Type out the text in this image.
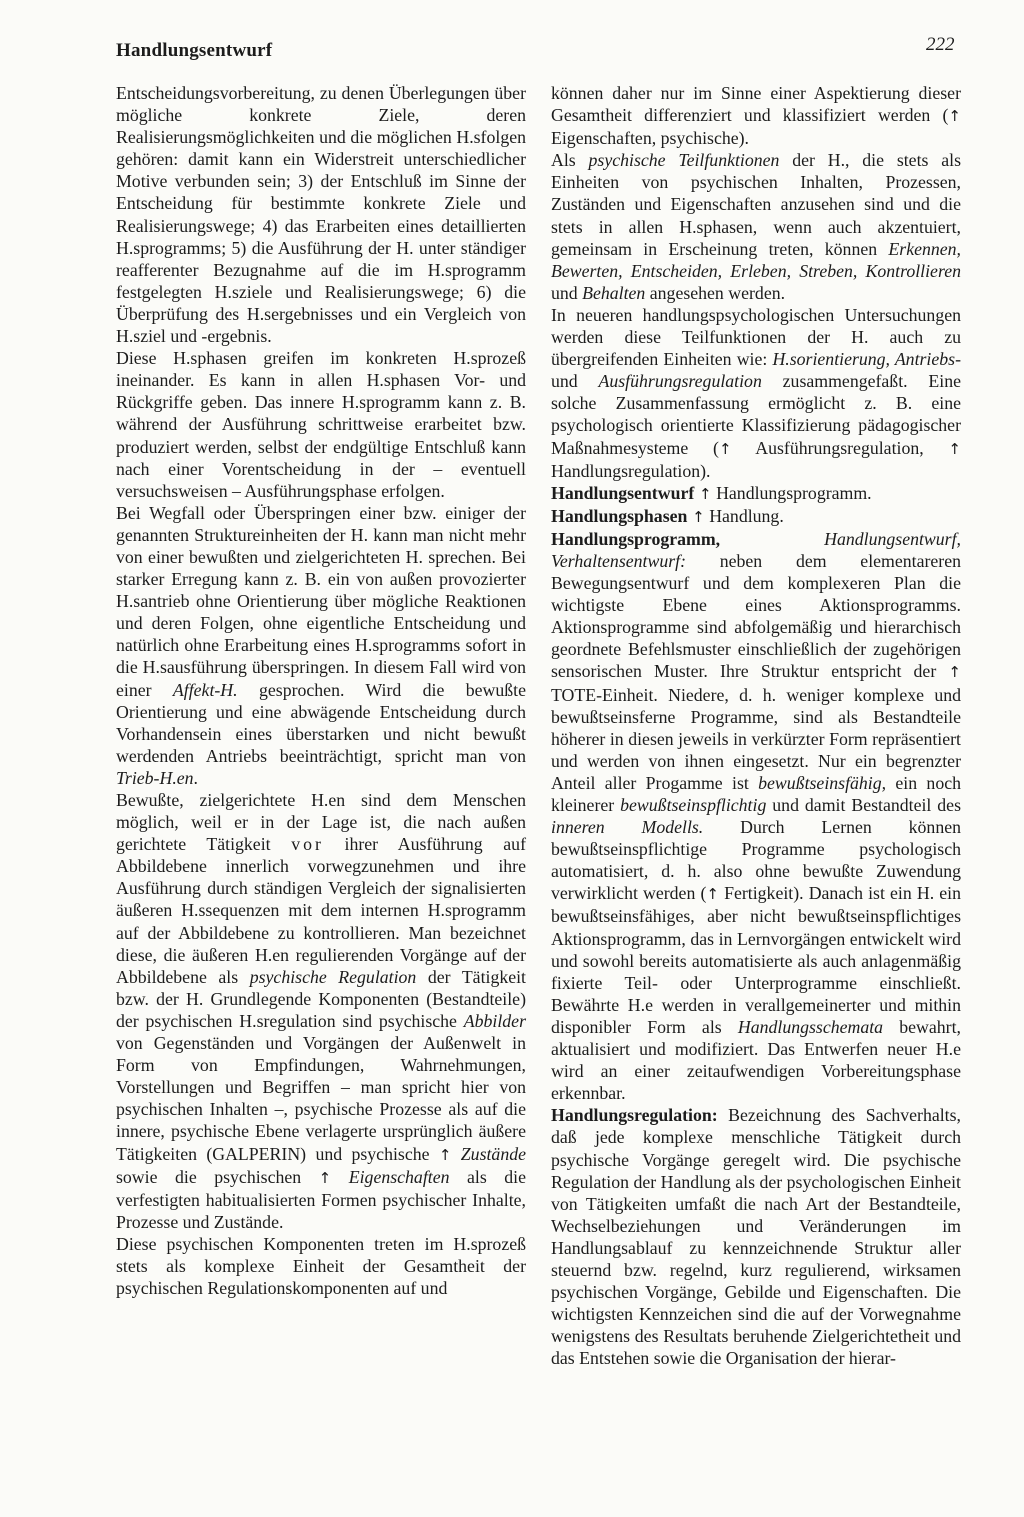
Handlungsentwurf	222

Entscheidungsvorbereitung, zu denen Überlegungen über mögliche konkrete Ziele, deren Realisierungsmöglichkeiten und die möglichen H.sfolgen gehören: damit kann ein Widerstreit unterschiedlicher Motive verbunden sein; 3) der Entschluß im Sinne der Entscheidung für bestimmte konkrete Ziele und Realisierungswege; 4) das Erarbeiten eines detaillierten H.sprogramms; 5) die Ausführung der H. unter ständiger reafferenter Bezugnahme auf die im H.sprogramm festgelegten H.sziele und Realisierungswege; 6) die Überprüfung des H.sergebnisses und ein Vergleich von H.sziel und -ergebnis.

Diese H.sphasen greifen im konkreten H.sprozeß ineinander. Es kann in allen H.sphasen Vor- und Rückgriffe geben. Das innere H.sprogramm kann z. B. während der Ausführung schrittweise erarbeitet bzw. produziert werden, selbst der endgültige Entschluß kann nach einer Vorentscheidung in der – eventuell versuchsweisen – Ausführungsphase erfolgen.

Bei Wegfall oder Überspringen einer bzw. einiger der genannten Struktureinheiten der H. kann man nicht mehr von einer bewußten und zielgerichteten H. sprechen. Bei starker Erregung kann z. B. ein von außen provozierter H.santrieb ohne Orientierung über mögliche Reaktionen und deren Folgen, ohne eigentliche Entscheidung und natürlich ohne Erarbeitung eines H.sprogramms sofort in die H.sausführung überspringen. In diesem Fall wird von einer Affekt-H. gesprochen. Wird die bewußte Orientierung und eine abwägende Entscheidung durch Vorhandensein eines überstarken und nicht bewußt werdenden Antriebs beeinträchtigt, spricht man von Trieb-H.en.

Bewußte, zielgerichtete H.en sind dem Menschen möglich, weil er in der Lage ist, die nach außen gerichtete Tätigkeit vor ihrer Ausführung auf Abbildebene innerlich vorwegzunehmen und ihre Ausführung durch ständigen Vergleich der signalisierten äußeren H.ssequenzen mit dem internen H.sprogramm auf der Abbildebene zu kontrollieren. Man bezeichnet diese, die äußeren H.en regulierenden Vorgänge auf der Abbildebene als psychische Regulation der Tätigkeit bzw. der H. Grundlegende Komponenten (Bestandteile) der psychischen H.sregulation sind psychische Abbilder von Gegenständen und Vorgängen der Außenwelt in Form von Empfindungen, Wahrnehmungen, Vorstellungen und Begriffen – man spricht hier von psychischen Inhalten –, psychische Prozesse als auf die innere, psychische Ebene verlagerte ursprünglich äußere Tätigkeiten (GALPERIN) und psychische ↑ Zustände sowie die psychischen ↑ Eigenschaften als die verfestigten habitualisierten Formen psychischer Inhalte, Prozesse und Zustände.

Diese psychischen Komponenten treten im H.sprozeß stets als komplexe Einheit der Gesamtheit der psychischen Regulationskomponenten auf und

können daher nur im Sinne einer Aspektierung dieser Gesamtheit differenziert und klassifiziert werden (↑ Eigenschaften, psychische).

Als psychische Teilfunktionen der H., die stets als Einheiten von psychischen Inhalten, Prozessen, Zuständen und Eigenschaften anzusehen sind und die stets in allen H.sphasen, wenn auch akzentuiert, gemeinsam in Erscheinung treten, können Erkennen, Bewerten, Entscheiden, Erleben, Streben, Kontrollieren und Behalten angesehen werden.

In neueren handlungspsychologischen Untersuchungen werden diese Teilfunktionen der H. auch zu übergreifenden Einheiten wie: H.sorientierung, Antriebs- und Ausführungsregulation zusammengefaßt. Eine solche Zusammenfassung ermöglicht z. B. eine psychologisch orientierte Klassifizierung pädagogischer Maßnahmesysteme (↑ Ausführungsregulation, ↑ Handlungsregulation).

Handlungsentwurf ↑ Handlungsprogramm.

Handlungsphasen ↑ Handlung.

Handlungsprogramm, Handlungsentwurf, Verhaltensentwurf: neben dem elementareren Bewegungsentwurf und dem komplexeren Plan die wichtigste Ebene eines Aktionsprogramms. Aktionsprogramme sind abfolgemäßig und hierarchisch geordnete Befehlsmuster einschließlich der zugehörigen sensorischen Muster. Ihre Struktur entspricht der ↑ TOTE-Einheit. Niedere, d. h. weniger komplexe und bewußtseinsferne Programme, sind als Bestandteile höherer in diesen jeweils in verkürzter Form repräsentiert und werden von ihnen eingesetzt. Nur ein begrenzter Anteil aller Progamme ist bewußtseinsfähig, ein noch kleinerer bewußtseinspflichtig und damit Bestandteil des inneren Modells. Durch Lernen können bewußtseinspflichtige Programme psychologisch automatisiert, d. h. also ohne bewußte Zuwendung verwirklicht werden (↑ Fertigkeit). Danach ist ein H. ein bewußtseinsfähiges, aber nicht bewußtseinspflichtiges Aktionsprogramm, das in Lernvorgängen entwickelt wird und sowohl bereits automatisierte als auch anlagenmäßig fixierte Teil- oder Unterprogramme einschließt. Bewährte H.e werden in verallgemeinerter und mithin disponibler Form als Handlungsschemata bewahrt, aktualisiert und modifiziert. Das Entwerfen neuer H.e wird an einer zeitaufwendigen Vorbereitungsphase erkennbar.

Handlungsregulation: Bezeichnung des Sachverhalts, daß jede komplexe menschliche Tätigkeit durch psychische Vorgänge geregelt wird. Die psychische Regulation der Handlung als der psychologischen Einheit von Tätigkeiten umfaßt die nach Art der Bestandteile, Wechselbeziehungen und Veränderungen im Handlungsablauf zu kennzeichnende Struktur aller steuernd bzw. regelnd, kurz regulierend, wirksamen psychischen Vorgänge, Gebilde und Eigenschaften. Die wichtigsten Kennzeichen sind die auf der Vorwegnahme wenigstens des Resultats beruhende Zielgerichtetheit und das Entstehen sowie die Organisation der hierar-
